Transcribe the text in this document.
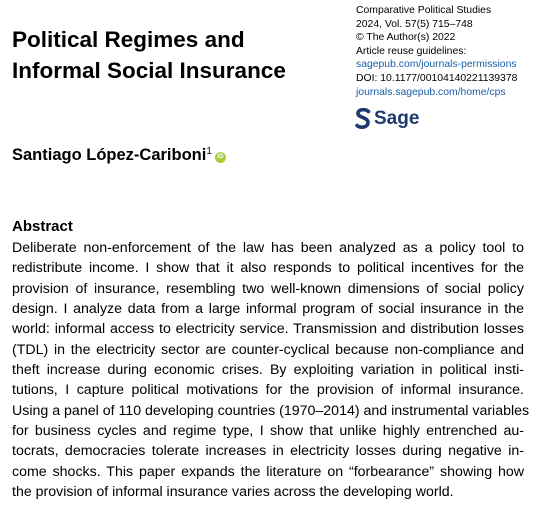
Political Regimes and
Informal Social Insurance
Comparative Political Studies
2024, Vol. 57(5) 715–748
© The Author(s) 2022
Article reuse guidelines:
sagepub.com/journals-permissions
DOI: 10.1177/00104140221139378
journals.sagepub.com/home/cps
Sage
Santiago López-Cariboni$^1$ iD
Abstract
Deliberate non-enforcement of the law has been analyzed as a policy tool to
redistribute income. I show that it also responds to political incentives for the
provision of insurance, resembling two well-known dimensions of social policy
design. I analyze data from a large informal program of social insurance in the
world: informal access to electricity service. Transmission and distribution losses
(TDL) in the electricity sector are counter-cyclical because non-compliance and
theft increase during economic crises. By exploiting variation in political insti-
tutions, I capture political motivations for the provision of informal insurance.
Using a panel of 110 developing countries (1970–2014) and instrumental variables
for business cycles and regime type, I show that unlike highly entrenched au-
tocrats, democracies tolerate increases in electricity losses during negative in-
come shocks. This paper expands the literature on “forbearance” showing how
the provision of informal insurance varies across the developing world.
